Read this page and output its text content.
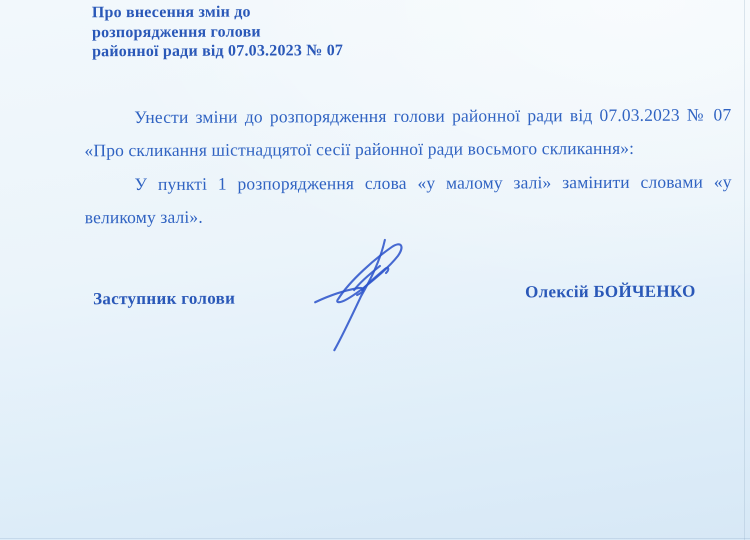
Про внесення змін до
розпорядження голови
районної ради від 07.03.2023 № 07
Унести зміни до розпорядження голови районної ради від 07.03.2023 № 07
«Про скликання шістнадцятої сесії районної ради восьмого скликання»:
У пункті 1 розпорядження слова «у малому залі» замінити словами «у
великому залі».
Заступник голови	Олексій БОЙЧЕНКО
